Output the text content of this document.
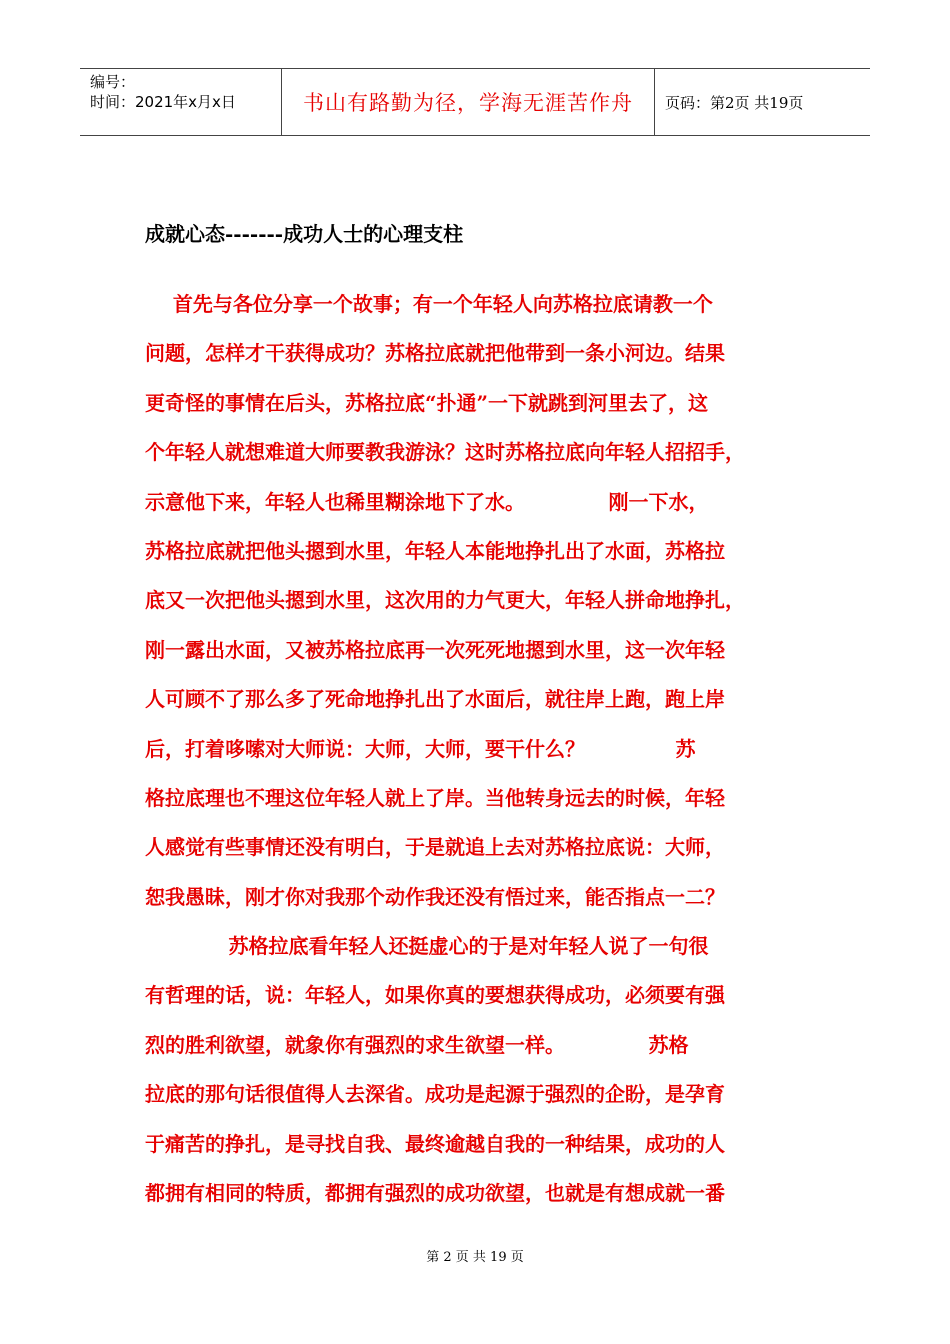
编号：
时间：2021年x月x日	书山有路勤为径，学海无涯苦作舟	页码：第2页 共19页
成就心态-------成功人士的心理支柱
首先与各位分享一个故事；有一个年轻人向苏格拉底请教一个
问题，怎样才干获得成功？苏格拉底就把他带到一条小河边。结果
更奇怪的事情在后头，苏格拉底“扑通”一下就跳到河里去了，这
个年轻人就想难道大师要教我游泳？这时苏格拉底向年轻人招招手，
示意他下来，年轻人也稀里糊涂地下了水。            刚一下水，
苏格拉底就把他头摁到水里，年轻人本能地挣扎出了水面，苏格拉
底又一次把他头摁到水里，这次用的力气更大，年轻人拼命地挣扎，
刚一露出水面，又被苏格拉底再一次死死地摁到水里，这一次年轻
人可顾不了那么多了死命地挣扎出了水面后，就往岸上跑，跑上岸
后，打着哆嗦对大师说：大师，大师，要干什么？             苏
格拉底理也不理这位年轻人就上了岸。当他转身远去的时候，年轻
人感觉有些事情还没有明白，于是就追上去对苏格拉底说：大师，
恕我愚昧，刚才你对我那个动作我还没有悟过来，能否指点一二？
苏格拉底看年轻人还挺虚心的于是对年轻人说了一句很
有哲理的话，说：年轻人，如果你真的要想获得成功，必须要有强
烈的胜利欲望，就象你有强烈的求生欲望一样。            苏格
拉底的那句话很值得人去深省。成功是起源于强烈的企盼，是孕育
于痛苦的挣扎，是寻找自我、最终逾越自我的一种结果，成功的人
都拥有相同的特质，都拥有强烈的成功欲望，也就是有想成就一番
第 2 页 共 19 页
